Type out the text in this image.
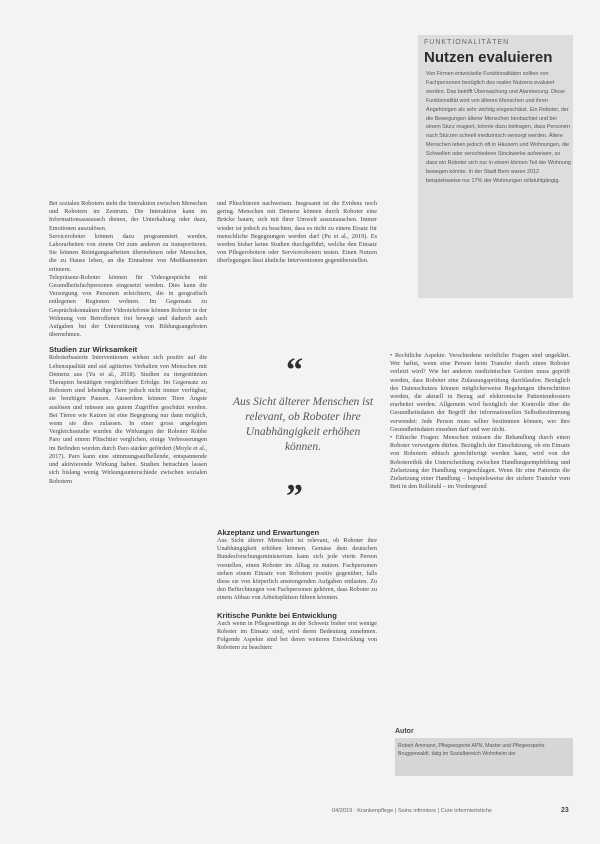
FUNKTIONALITÄTEN
Nutzen evaluieren

Von Firmen entwickelte Funktionalitäten sollten von Fachpersonen bezüglich des realen Nutzens evaluiert werden. Das betrifft Überwachung und Alarmierung. Diese Funktionalität wird von älteren Menschen und ihren Angehörigen als sehr wichtig eingeschätzt. Ein Roboter, der die Bewegungen älterer Menschen beobachtet und bei einem Sturz reagiert, könnte dazu beitragen, dass Personen nach Stürzen schnell medizinisch versorgt werden. Ältere Menschen leben jedoch oft in Häusern und Wohnungen, die Schwellen oder verschiedene Stockwerke aufweisen, so dass ein Roboter sich nur in einem kleinen Teil der Wohnung bewegen könnte. In der Stadt Bern waren 2012 beispielsweise nur 17% der Wohnungen rollstuhlgängig.

Bei sozialen Robotern steht die Interaktion zwischen Menschen und Robotern im Zentrum. Die Interaktion kann im Informationsaustausch dienen, der Unterhaltung oder dazu, Emotionen auszulösen.

Serviceroboter können dazu programmiert werden, Laborarbeiten von einem Ort zum anderen zu transportieren. Sie können Reinigungsarbeiten übernehmen oder Menschen, die zu Hause leben, an die Einnahme von Medikamenten erinnern.

Telepräsenz-Roboter können für Videogespräche mit Gesundheitsfachpersonen eingesetzt werden. Dies kann die Versorgung von Personen erleichtern, die in geografisch entlegenen Regionen wohnen. Im Gegensatz zu Gesprächskontakten über Videotelefonie können Roboter in der Wohnung von Betroffenen frei bewegt und dadurch auch Aufgaben bei der Unterstützung von Bildungsangeboten übernehmen.

Studien zur Wirksamkeit

Roboterbasierte Interventionen wirken sich positiv auf die Lebensqualität und auf agitiertes Verhalten von Menschen mit Demenz aus (Yu et al., 2018). Studien zu tiergestützten Therapien bestätigen vergleichbare Erfolge. Im Gegensatz zu Robotern sind lebendige Tiere jedoch nicht immer verfügbar, sie benötigen Pausen. Ausserdem können Tiere Ängste auslösen und müssen aus gutem Zugriffen geschützt werden. Bei Tieren wie Katzen ist eine Begegnung nur dann möglich, wenn sie dies zulassen. In einer gross angelegten Vergleichsstudie wurden die Wirkungen der Roboter Robbe Paro und einem Plüschtier verglichen, einige Verbesserungen im Befinden wurden durch Paro stärker gefördert (Moyle et al., 2017). Paro kann eine stimmungsaufhellende, entspannende und aktivierende Wirkung haben. Studien betrachten lassen sich bislang wenig Wirkungsunterschiede zwischen sozialen Robotern

und Plüschtieren nachweisen. Insgesamt ist die Evidenz noch gering. Menschen mit Demenz können durch Roboter eine Brücke bauen, sich mit ihrer Umwelt auszutauschen. Immer wieder ist jedoch zu beachten, dass es nicht zu einem Ersatz für menschliche Begegnungen werden darf (Pu et al., 2019). Es werden bisher keine Studien durchgeführt, welche den Einsatz von Pflegerobotern oder Servicerobotern testen. Einen Nutzen überlegungen lässt ähnliche Interventionen gegenüberstellen.

“

Aus Sicht älterer Menschen ist relevant, ob Roboter ihre Unabhängigkeit erhöhen können.

”

Akzeptanz und Erwartungen

Aus Sicht älterer Menschen ist relevant, ob Roboter ihre Unabhängigkeit erhöhen können. Gemäss dem deutschen Bundesforschungsministerium kann sich jede vierte Person vorstellen, einen Roboter im Alltag zu nutzen. Fachpersonen stehen einem Einsatz von Robotern positiv gegenüber, falls diese sie von körperlich anstrengenden Aufgaben entlasten. Zu den Befürchtungen von Fachpersonen gehören, dass Roboter zu einem Abbau von Arbeitsplätzen führen könnten.

Kritische Punkte bei Entwicklung

Auch wenn in Pflegesettings in der Schweiz bisher erst wenige Roboter im Einsatz sind, wird deren Bedeutung zunehmen. Folgende Aspekte sind bei deren weiteren Entwicklung von Robotern zu beachten:

• Rechtliche Aspekte: Verschiedene rechtliche Fragen sind ungeklärt. Wer haftet, wenn eine Person beim Transfer durch einen Roboter verletzt wird? Wie bei anderen medizinischen Geräten muss geprüft werden, dass Roboter eine Zulassungsprüfung durchlaufen. Bezüglich des Datenschutzes können möglicherweise Regelungen überschritten werden, die aktuell in Bezug auf elektronische Patientendossiers erarbeitet werden. Allgemein wird bezüglich der Kontrolle über die Gesundheitsdaten der Begriff der informationellen Selbstbestimmung verwendet: Jede Person muss selber bestimmen können, wer ihre Gesundheitsdaten einsehen darf und wer nicht.

• Ethische Fragen: Menschen müssen die Behandlung durch einen Roboter verweigern dürfen. Bezüglich der Einschätzung, ob ein Einsatz von Robotern ethisch gerechtfertigt werden kann, wird von der Roboterethik die Unterscheidung zwischen Handlungsempfehlung und Zielsetzung der Handlung vorgeschlagen. Wenn für eine Patientin die Zielsetzung einer Handlung – beispielsweise der sichere Transfer vom Bett in den Rollstuhl – im Vordergrund

Autor

Robert Ammann, Pflegeexperte APN, Master und Pflegeexperte Bruggerwaldt, tätig im Sozialbereich Wohnheim der

04/2019 · Krankenpflege | Soins infirmiers | Cure infermieristiche	23
